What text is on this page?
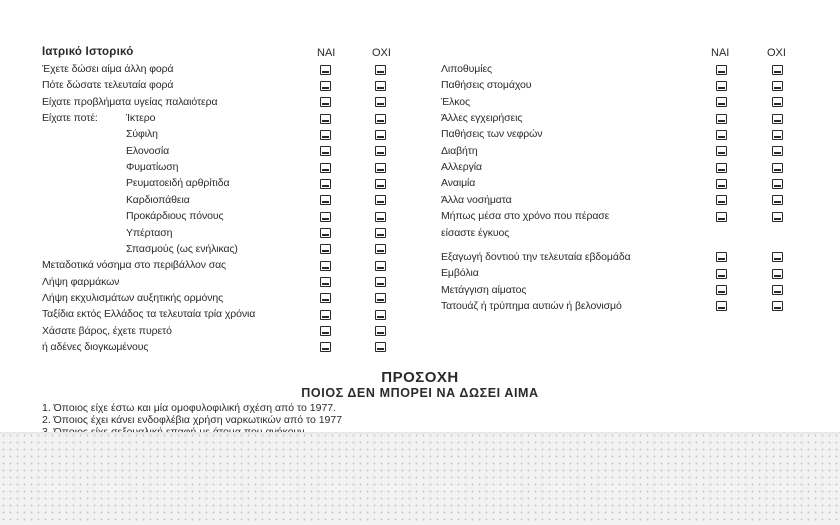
Ιατρικό Ιστορικό	ΝΑΙ	ΟΧΙ	ΝΑΙ	ΟΧΙ
Έχετε δώσει αίμα άλλη φορά
Πότε δώσατε τελευταία φορά
Είχατε προβλήματα υγείας παλαιότερα
Είχατε ποτέ:	Ίκτερο
Σύφιλη
Ελονοσία
Φυματίωση
Ρευματοειδή αρθρίτιδα
Καρδιοπάθεια
Προκάρδιους πόνους
Υπέρταση
Σπασμούς (ως ενήλικας)
Μεταδοτικά νόσημα στο περιβάλλον σας
Λήψη φαρμάκων
Λήψη εκχυλισμάτων αυξητικής ορμόνης
Ταξίδια εκτός Ελλάδος τα τελευταία τρία χρόνια
Χάσατε βάρος, έχετε πυρετό
ή αδένες διογκωμένους
Λιποθυμίες
Παθήσεις στομάχου
Έλκος
Άλλες εγχειρήσεις
Παθήσεις των νεφρών
Διαβήτη
Αλλεργία
Αναιμία
Άλλα νοσήματα
Μήπως μέσα στο χρόνο που πέρασε
είσαστε έγκυος
Εξαγωγή δοντιού την τελευταία εβδομάδα
Εμβόλια
Μετάγγιση αίματος
Τατουάζ ή τρύπημα αυτιών ή βελονισμό
ΠΡΟΣΟΧΗ
ΠΟΙΟΣ ΔΕΝ ΜΠΟΡΕΙ ΝΑ ΔΩΣΕΙ ΑΙΜΑ
1. Όποιος είχε έστω και μία ομοφυλοφιλική σχέση από το 1977.
2. Όποιος έχει κάνει ενδοφλέβια χρήση ναρκωτικών από το 1977
